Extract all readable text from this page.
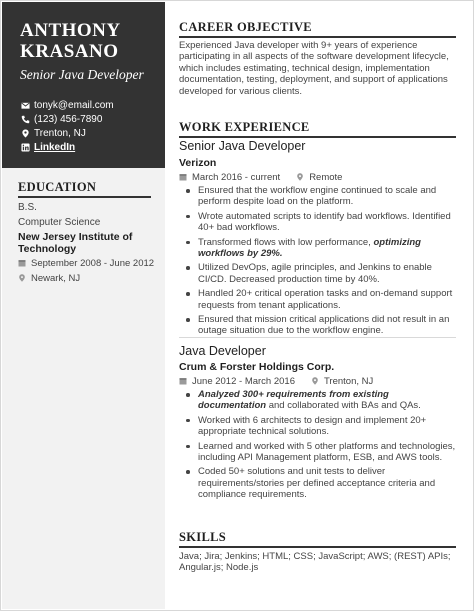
ANTHONY
KRASANO
Senior Java Developer
tonyk@email.com
(123) 456-7890
Trenton, NJ
LinkedIn
EDUCATION
B.S.
Computer Science
New Jersey Institute of Technology
September 2008 - June 2012
Newark, NJ
CAREER OBJECTIVE
Experienced Java developer with 9+ years of experience participating in all aspects of the software development lifecycle, which includes estimating, technical design, implementation documentation, testing, deployment, and support of applications developed for various clients.
WORK EXPERIENCE
Senior Java Developer
Verizon
March 2016 - current	Remote
Ensured that the workflow engine continued to scale and perform despite load on the platform.
Wrote automated scripts to identify bad workflows. Identified 40+ bad workflows.
Transformed flows with low performance, optimizing workflows by 29%.
Utilized DevOps, agile principles, and Jenkins to enable CI/CD. Decreased production time by 40%.
Handled 20+ critical operation tasks and on-demand support requests from tenant applications.
Ensured that mission critical applications did not result in an outage situation due to the workflow engine.
Java Developer
Crum & Forster Holdings Corp.
June 2012 - March 2016	Trenton, NJ
Analyzed 300+ requirements from existing documentation and collaborated with BAs and QAs.
Worked with 6 architects to design and implement 20+ appropriate technical solutions.
Learned and worked with 5 other platforms and technologies, including API Management platform, ESB, and AWS tools.
Coded 50+ solutions and unit tests to deliver requirements/stories per defined acceptance criteria and compliance requirements.
SKILLS
Java; Jira; Jenkins; HTML; CSS; JavaScript; AWS; (REST) APIs; Angular.js; Node.js
